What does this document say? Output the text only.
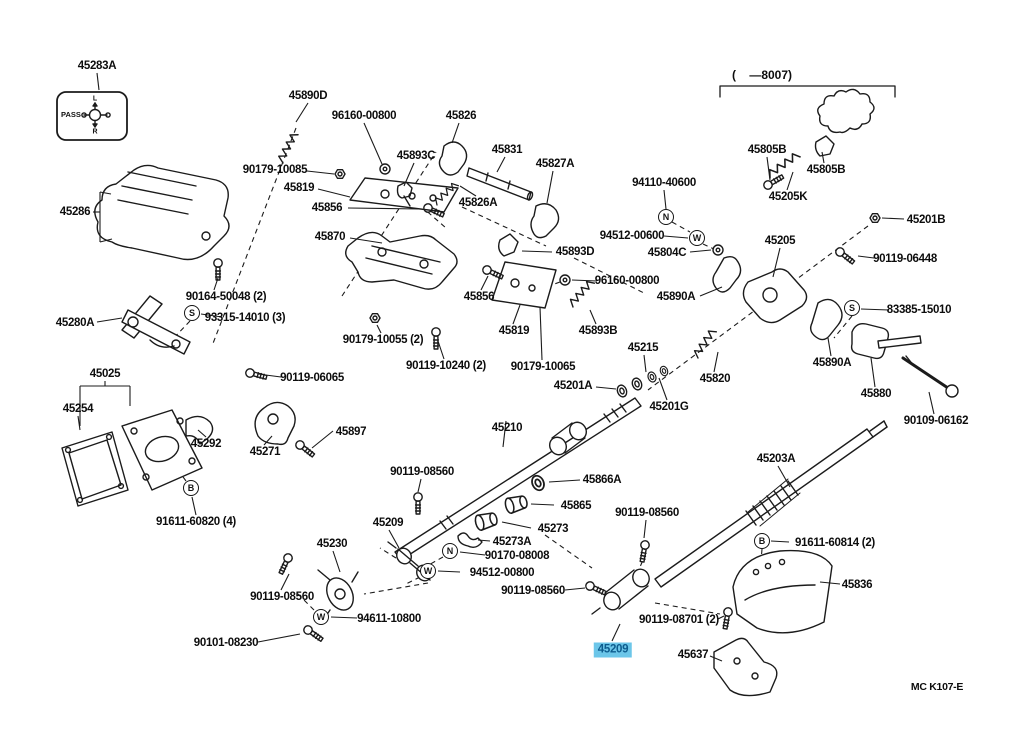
45283A
45286
45890D
96160-00800	45826
45831
45827A
90179-10085
45819
45893C
45856	45826A
45870
45893D
(    —8007)
45805B
45805B
45205K
94110-40600
94512-00600
45804C
45205
45201B
90119-06448
96160-00800
45890A
83385-15010
45856
45819	45893B
90164-50048 (2)
93315-14010 (3)
45280A
90179-10055 (2)
90119-10240 (2) 90179-10065
45215
45201A
45201G
45820
45890A
45880
90109-06162
45025
45254
90119-06065
45292
45271
45897	45210
91611-60820 (4)
90119-08560
45866A
45865
45273
45209
45273A
90170-08008
94512-00800
45230
45203A
91611-60814 (2)
90119-08560
90119-08560
94611-10800
90119-08560
90101-08230
90119-08701 (2)
45209
45836
45637
MC K107-E
S
N
W
S
B
N
W
W
B
PASS
L
R
